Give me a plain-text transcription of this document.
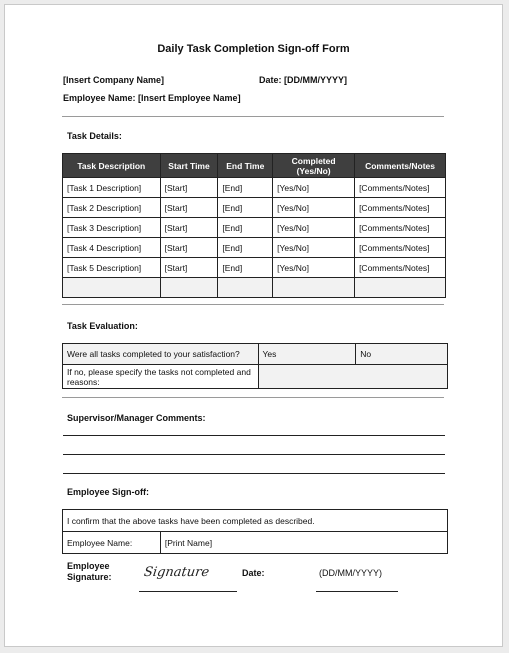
Daily Task Completion Sign-off Form
[Insert Company Name]	Date: [DD/MM/YYYY]
Employee Name: [Insert Employee Name]
Task Details:
Task Description	Start Time	End Time	Completed (Yes/No)	Comments/Notes
[Task 1 Description]	[Start]	[End]	[Yes/No]	[Comments/Notes]
[Task 2 Description]	[Start]	[End]	[Yes/No]	[Comments/Notes]
[Task 3 Description]	[Start]	[End]	[Yes/No]	[Comments/Notes]
[Task 4 Description]	[Start]	[End]	[Yes/No]	[Comments/Notes]
[Task 5 Description]	[Start]	[End]	[Yes/No]	[Comments/Notes]

Task Evaluation:
Were all tasks completed to your satisfaction?	Yes	No
If no, please specify the tasks not completed and reasons:		
Supervisor/Manager Comments:
Employee Sign-off:
I confirm that the above tasks have been completed as described.
Employee Name:	[Print Name]
Employee Signature:	Signature	Date:	(DD/MM/YYYY)
